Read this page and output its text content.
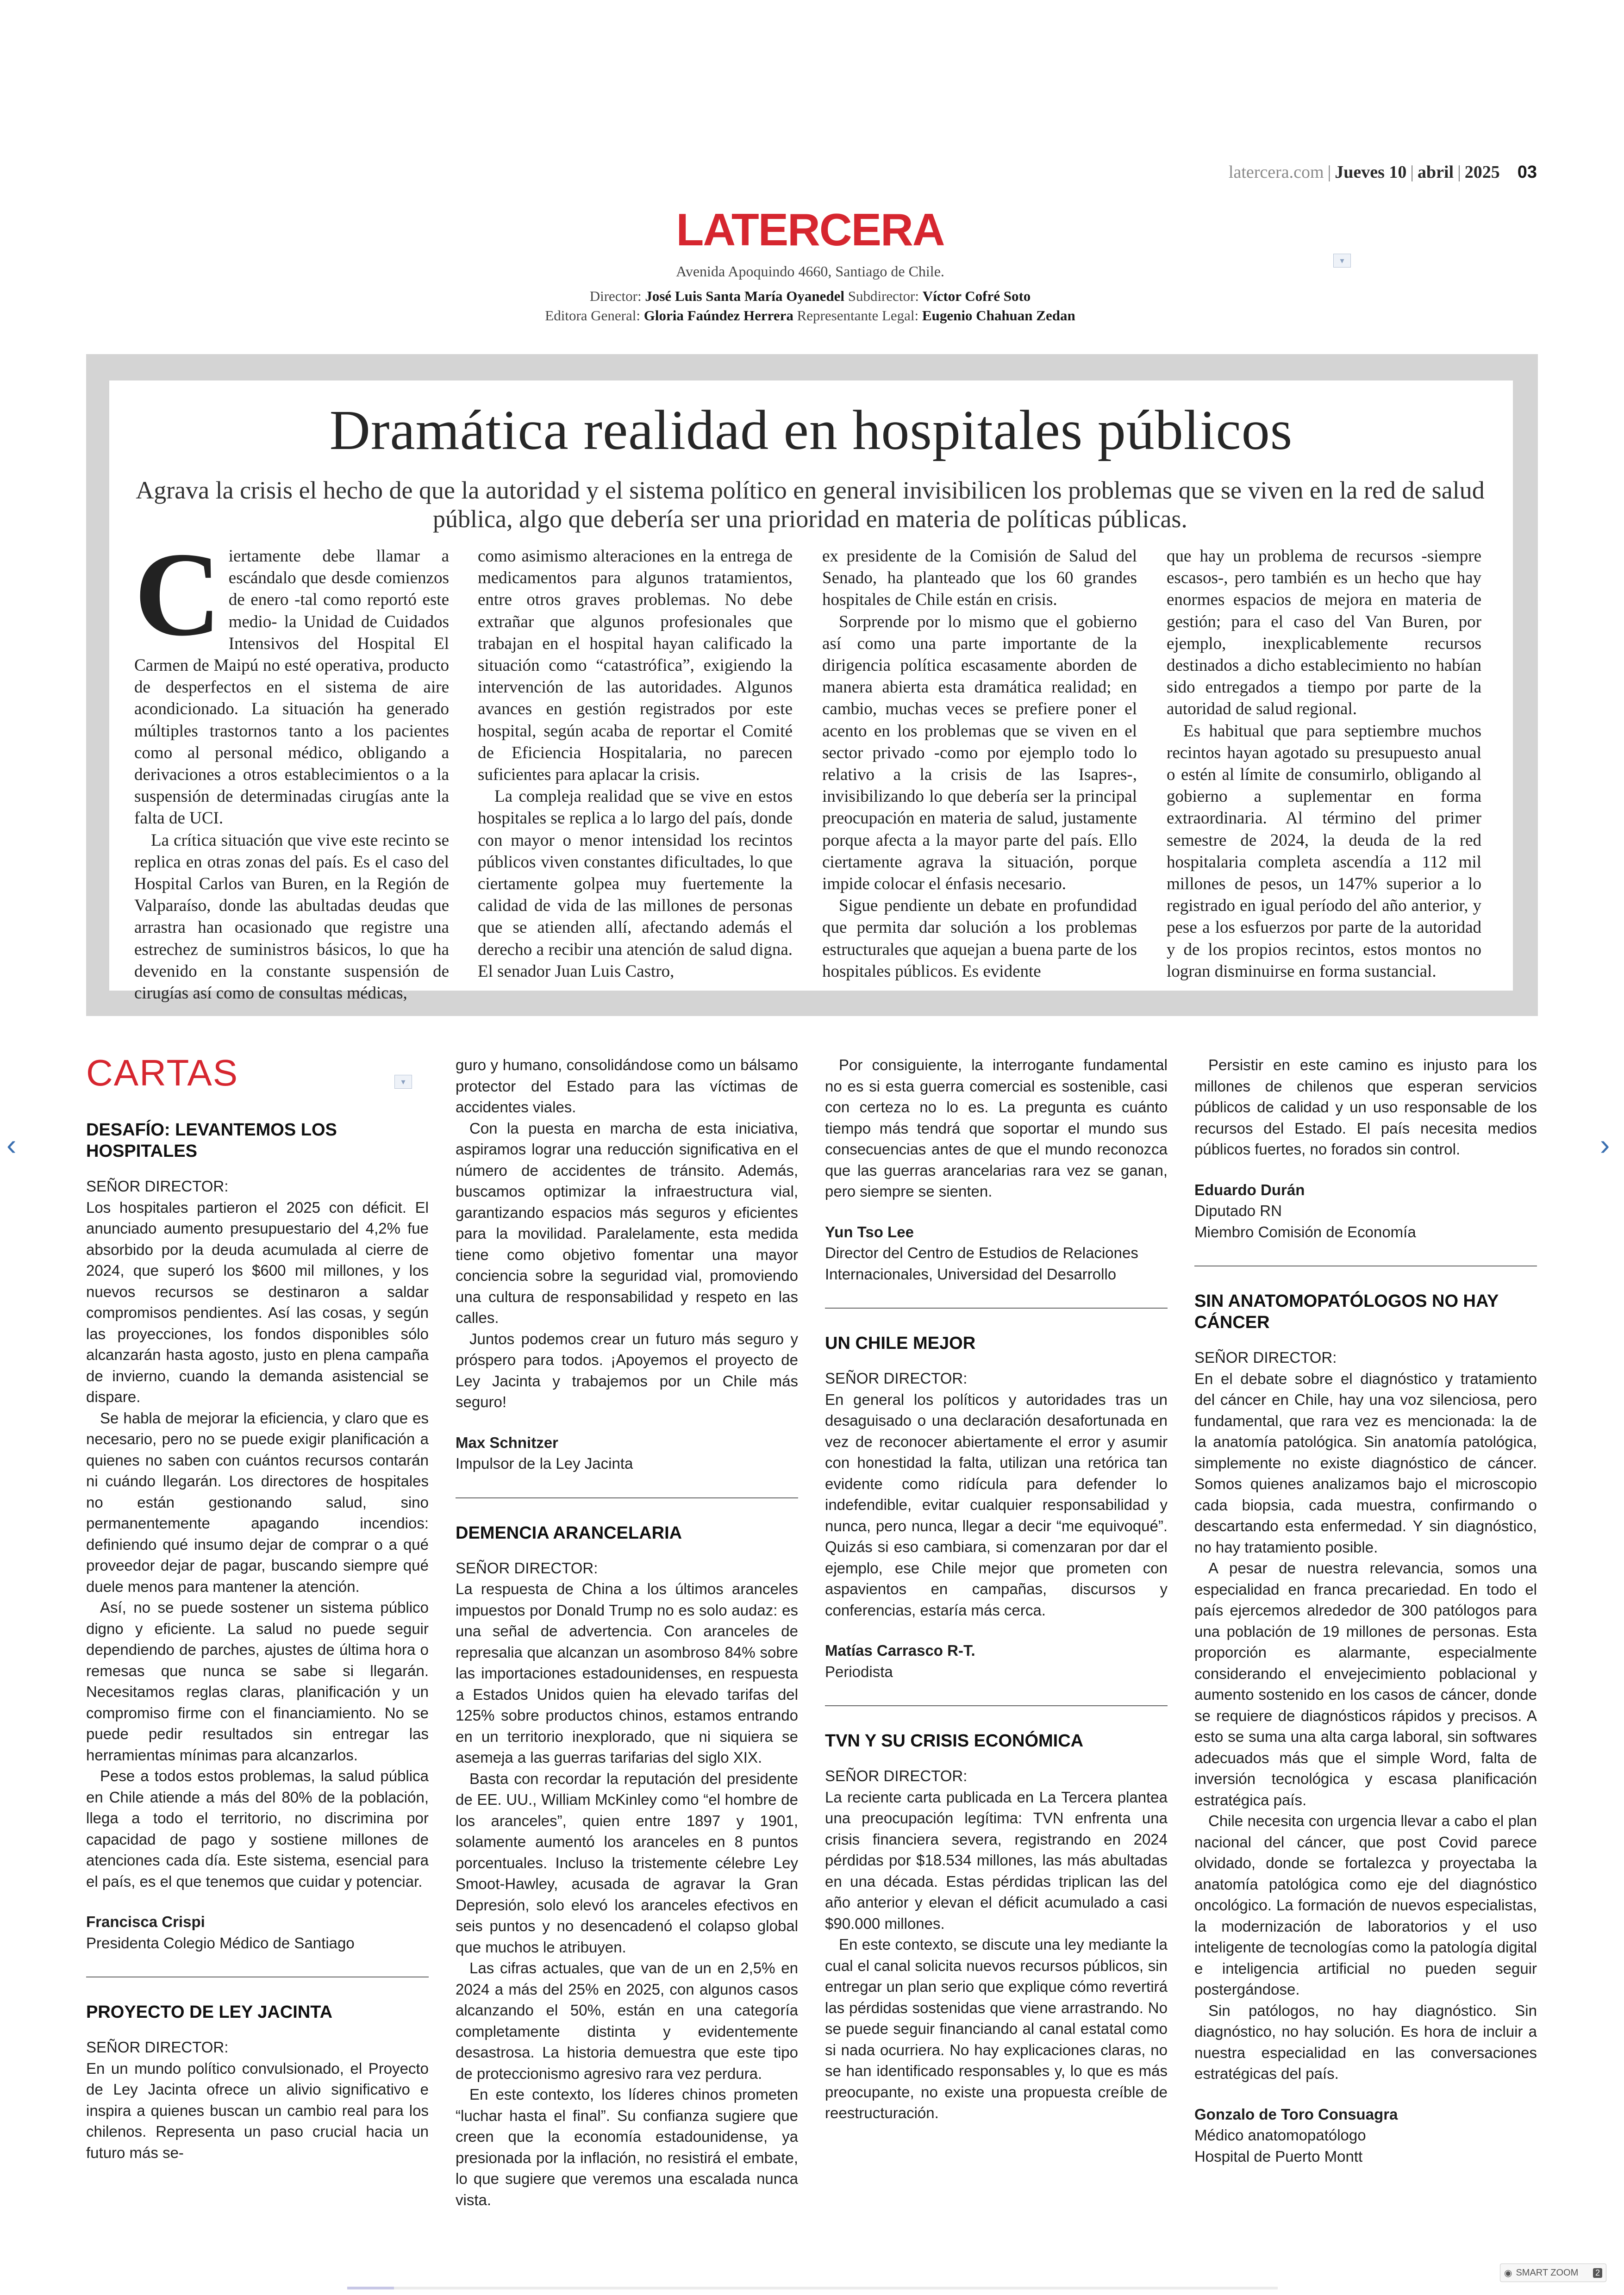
latercera.com | Jueves 10 | abril | 2025 03
LATERCERA
▾
Avenida Apoquindo 4660, Santiago de Chile.
Director: José Luis Santa María Oyanedel Subdirector: Víctor Cofré Soto
Editora General: Gloria Faúndez Herrera Representante Legal: Eugenio Chahuan Zedan
Dramática realidad en hospitales públicos
Agrava la crisis el hecho de que la autoridad y el sistema político en general invisibilicen los problemas que se viven en la red de salud pública, algo que debería ser una prioridad en materia de políticas públicas.

Ciertamente debe llamar a escándalo que desde comienzos de enero -tal como reportó este medio- la Unidad de Cuidados Intensivos del Hospital El Carmen de Maipú no esté operativa, producto de desperfectos en el sistema de aire acondicionado. La situación ha generado múltiples trastornos tanto a los pacientes como al personal médico, obligando a derivaciones a otros establecimientos o a la suspensión de determinadas cirugías ante la falta de UCI.

La crítica situación que vive este recinto se replica en otras zonas del país. Es el caso del Hospital Carlos van Buren, en la Región de Valparaíso, donde las abultadas deudas que arrastra han ocasionado que registre una estrechez de suministros básicos, lo que ha devenido en la constante suspensión de cirugías así como de consultas médicas,

como asimismo alteraciones en la entrega de medicamentos para algunos tratamientos, entre otros graves problemas. No debe extrañar que algunos profesionales que trabajan en el hospital hayan calificado la situación como “catastrófica”, exigiendo la intervención de las autoridades. Algunos avances en gestión registrados por este hospital, según acaba de reportar el Comité de Eficiencia Hospitalaria, no parecen suficientes para aplacar la crisis.

La compleja realidad que se vive en estos hospitales se replica a lo largo del país, donde con mayor o menor intensidad los recintos públicos viven constantes dificultades, lo que ciertamente golpea muy fuertemente la calidad de vida de las millones de personas que se atienden allí, afectando además el derecho a recibir una atención de salud digna. El senador Juan Luis Castro,

ex presidente de la Comisión de Salud del Senado, ha planteado que los 60 grandes hospitales de Chile están en crisis.

Sorprende por lo mismo que el gobierno así como una parte importante de la dirigencia política escasamente aborden de manera abierta esta dramática realidad; en cambio, muchas veces se prefiere poner el acento en los problemas que se viven en el sector privado -como por ejemplo todo lo relativo a la crisis de las Isapres-, invisibilizando lo que debería ser la principal preocupación en materia de salud, justamente porque afecta a la mayor parte del país. Ello ciertamente agrava la situación, porque impide colocar el énfasis necesario.

Sigue pendiente un debate en profundidad que permita dar solución a los problemas estructurales que aquejan a buena parte de los hospitales públicos. Es evidente

que hay un problema de recursos -siempre escasos-, pero también es un hecho que hay enormes espacios de mejora en materia de gestión; para el caso del Van Buren, por ejemplo, inexplicablemente recursos destinados a dicho establecimiento no habían sido entregados a tiempo por parte de la autoridad de salud regional.

Es habitual que para septiembre muchos recintos hayan agotado su presupuesto anual o estén al límite de consumirlo, obligando al gobierno a suplementar en forma extraordinaria. Al término del primer semestre de 2024, la deuda de la red hospitalaria completa ascendía a 112 mil millones de pesos, un 147% superior a lo registrado en igual período del año anterior, y pese a los esfuerzos por parte de la autoridad y de los propios recintos, estos montos no logran disminuirse en forma sustancial.

CARTAS	▾
DESAFÍO: LEVANTEMOS LOS HOSPITALES
SEÑOR DIRECTOR:

Los hospitales partieron el 2025 con déficit. El anunciado aumento presupuestario del 4,2% fue absorbido por la deuda acumulada al cierre de 2024, que superó los $600 mil millones, y los nuevos recursos se destinaron a saldar compromisos pendientes. Así las cosas, y según las proyecciones, los fondos disponibles sólo alcanzarán hasta agosto, justo en plena campaña de invierno, cuando la demanda asistencial se dispare.

Se habla de mejorar la eficiencia, y claro que es necesario, pero no se puede exigir planificación a quienes no saben con cuántos recursos contarán ni cuándo llegarán. Los directores de hospitales no están gestionando salud, sino permanentemente apagando incendios: definiendo qué insumo dejar de comprar o a qué proveedor dejar de pagar, buscando siempre qué duele menos para mantener la atención.

Así, no se puede sostener un sistema público digno y eficiente. La salud no puede seguir dependiendo de parches, ajustes de última hora o remesas que nunca se sabe si llegarán. Necesitamos reglas claras, planificación y un compromiso firme con el financiamiento. No se puede pedir resultados sin entregar las herramientas mínimas para alcanzarlos.

Pese a todos estos problemas, la salud pública en Chile atiende a más del 80% de la población, llega a todo el territorio, no discrimina por capacidad de pago y sostiene millones de atenciones cada día. Este sistema, esencial para el país, es el que tenemos que cuidar y potenciar.

Francisca Crispi
Presidenta Colegio Médico de Santiago
PROYECTO DE LEY JACINTA
SEÑOR DIRECTOR:

En un mundo político convulsionado, el Proyecto de Ley Jacinta ofrece un alivio significativo e inspira a quienes buscan un cambio real para los chilenos. Representa un paso crucial hacia un futuro más se-

guro y humano, consolidándose como un bálsamo protector del Estado para las víctimas de accidentes viales.

Con la puesta en marcha de esta iniciativa, aspiramos lograr una reducción significativa en el número de accidentes de tránsito. Además, buscamos optimizar la infraestructura vial, garantizando espacios más seguros y eficientes para la movilidad. Paralelamente, esta medida tiene como objetivo fomentar una mayor conciencia sobre la seguridad vial, promoviendo una cultura de responsabilidad y respeto en las calles.

Juntos podemos crear un futuro más seguro y próspero para todos. ¡Apoyemos el proyecto de Ley Jacinta y trabajemos por un Chile más seguro!

Max Schnitzer
Impulsor de la Ley Jacinta
DEMENCIA ARANCELARIA
SEÑOR DIRECTOR:

La respuesta de China a los últimos aranceles impuestos por Donald Trump no es solo audaz: es una señal de advertencia. Con aranceles de represalia que alcanzan un asombroso 84% sobre las importaciones estadounidenses, en respuesta a Estados Unidos quien ha elevado tarifas del 125% sobre productos chinos, estamos entrando en un territorio inexplorado, que ni siquiera se asemeja a las guerras tarifarias del siglo XIX.

Basta con recordar la reputación del presidente de EE. UU., William McKinley como “el hombre de los aranceles”, quien entre 1897 y 1901, solamente aumentó los aranceles en 8 puntos porcentuales. Incluso la tristemente célebre Ley Smoot-Hawley, acusada de agravar la Gran Depresión, solo elevó los aranceles efectivos en seis puntos y no desencadenó el colapso global que muchos le atribuyen.

Las cifras actuales, que van de un en 2,5% en 2024 a más del 25% en 2025, con algunos casos alcanzando el 50%, están en una categoría completamente distinta y evidentemente desastrosa. La historia demuestra que este tipo de proteccionismo agresivo rara vez perdura.

En este contexto, los líderes chinos prometen “luchar hasta el final”. Su confianza sugiere que creen que la economía estadounidense, ya presionada por la inflación, no resistirá el embate, lo que sugiere que veremos una escalada nunca vista.

Por consiguiente, la interrogante fundamental no es si esta guerra comercial es sostenible, casi con certeza no lo es. La pregunta es cuánto tiempo más tendrá que soportar el mundo sus consecuencias antes de que el mundo reconozca que las guerras arancelarias rara vez se ganan, pero siempre se sienten.

Yun Tso Lee
Director del Centro de Estudios de Relaciones Internacionales, Universidad del Desarrollo
UN CHILE MEJOR
SEÑOR DIRECTOR:

En general los políticos y autoridades tras un desaguisado o una declaración desafortunada en vez de reconocer abiertamente el error y asumir con honestidad la falta, utilizan una retórica tan evidente como ridícula para defender lo indefendible, evitar cualquier responsabilidad y nunca, pero nunca, llegar a decir “me equivoqué”. Quizás si eso cambiara, si comenzaran por dar el ejemplo, ese Chile mejor que prometen con aspavientos en campañas, discursos y conferencias, estaría más cerca.

Matías Carrasco R-T.
Periodista
TVN Y SU CRISIS ECONÓMICA
SEÑOR DIRECTOR:

La reciente carta publicada en La Tercera plantea una preocupación legítima: TVN enfrenta una crisis financiera severa, registrando en 2024 pérdidas por $18.534 millones, las más abultadas en una década. Estas pérdidas triplican las del año anterior y elevan el déficit acumulado a casi $90.000 millones.

En este contexto, se discute una ley mediante la cual el canal solicita nuevos recursos públicos, sin entregar un plan serio que explique cómo revertirá las pérdidas sostenidas que viene arrastrando. No se puede seguir financiando al canal estatal como si nada ocurriera. No hay explicaciones claras, no se han identificado responsables y, lo que es más preocupante, no existe una propuesta creíble de reestructuración.

Persistir en este camino es injusto para los millones de chilenos que esperan servicios públicos de calidad y un uso responsable de los recursos del Estado. El país necesita medios públicos fuertes, no forados sin control.

Eduardo Durán
Diputado RN
Miembro Comisión de Economía
SIN ANATOMOPATÓLOGOS NO HAY CÁNCER
SEÑOR DIRECTOR:

En el debate sobre el diagnóstico y tratamiento del cáncer en Chile, hay una voz silenciosa, pero fundamental, que rara vez es mencionada: la de la anatomía patológica. Sin anatomía patológica, simplemente no existe diagnóstico de cáncer. Somos quienes analizamos bajo el microscopio cada biopsia, cada muestra, confirmando o descartando esta enfermedad. Y sin diagnóstico, no hay tratamiento posible.

A pesar de nuestra relevancia, somos una especialidad en franca precariedad. En todo el país ejercemos alrededor de 300 patólogos para una población de 19 millones de personas. Esta proporción es alarmante, especialmente considerando el envejecimiento poblacional y aumento sostenido en los casos de cáncer, donde se requiere de diagnósticos rápidos y precisos. A esto se suma una alta carga laboral, sin softwares adecuados más que el simple Word, falta de inversión tecnológica y escasa planificación estratégica país.

Chile necesita con urgencia llevar a cabo el plan nacional del cáncer, que post Covid parece olvidado, donde se fortalezca y proyectaba la anatomía patológica como eje del diagnóstico oncológico. La formación de nuevos especialistas, la modernización de laboratorios y el uso inteligente de tecnologías como la patología digital e inteligencia artificial no pueden seguir postergándose.

Sin patólogos, no hay diagnóstico. Sin diagnóstico, no hay solución. Es hora de incluir a nuestra especialidad en las conversaciones estratégicas del país.

Gonzalo de Toro Consuagra
Médico anatomopatólogo
Hospital de Puerto Montt
‹	›
◉ SMART ZOOM 2
